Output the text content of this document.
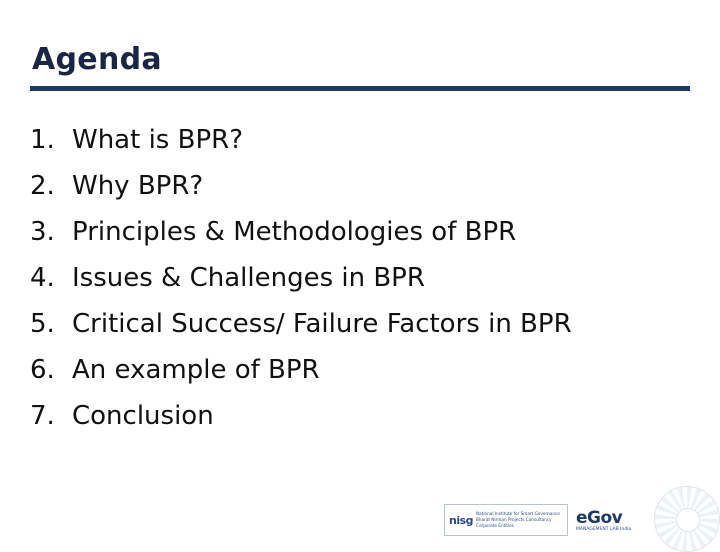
Agenda
1. What is BPR?
2. Why BPR?
3. Principles & Methodologies of BPR
4. Issues & Challenges in BPR
5. Critical Success/ Failure Factors in BPR
6. An example of BPR
7. Conclusion
nisg National Institute for Smart Governance Bharat Nirman Projects Consultancy Corporate Entities	eGov
MANAGEMENT LAB India
